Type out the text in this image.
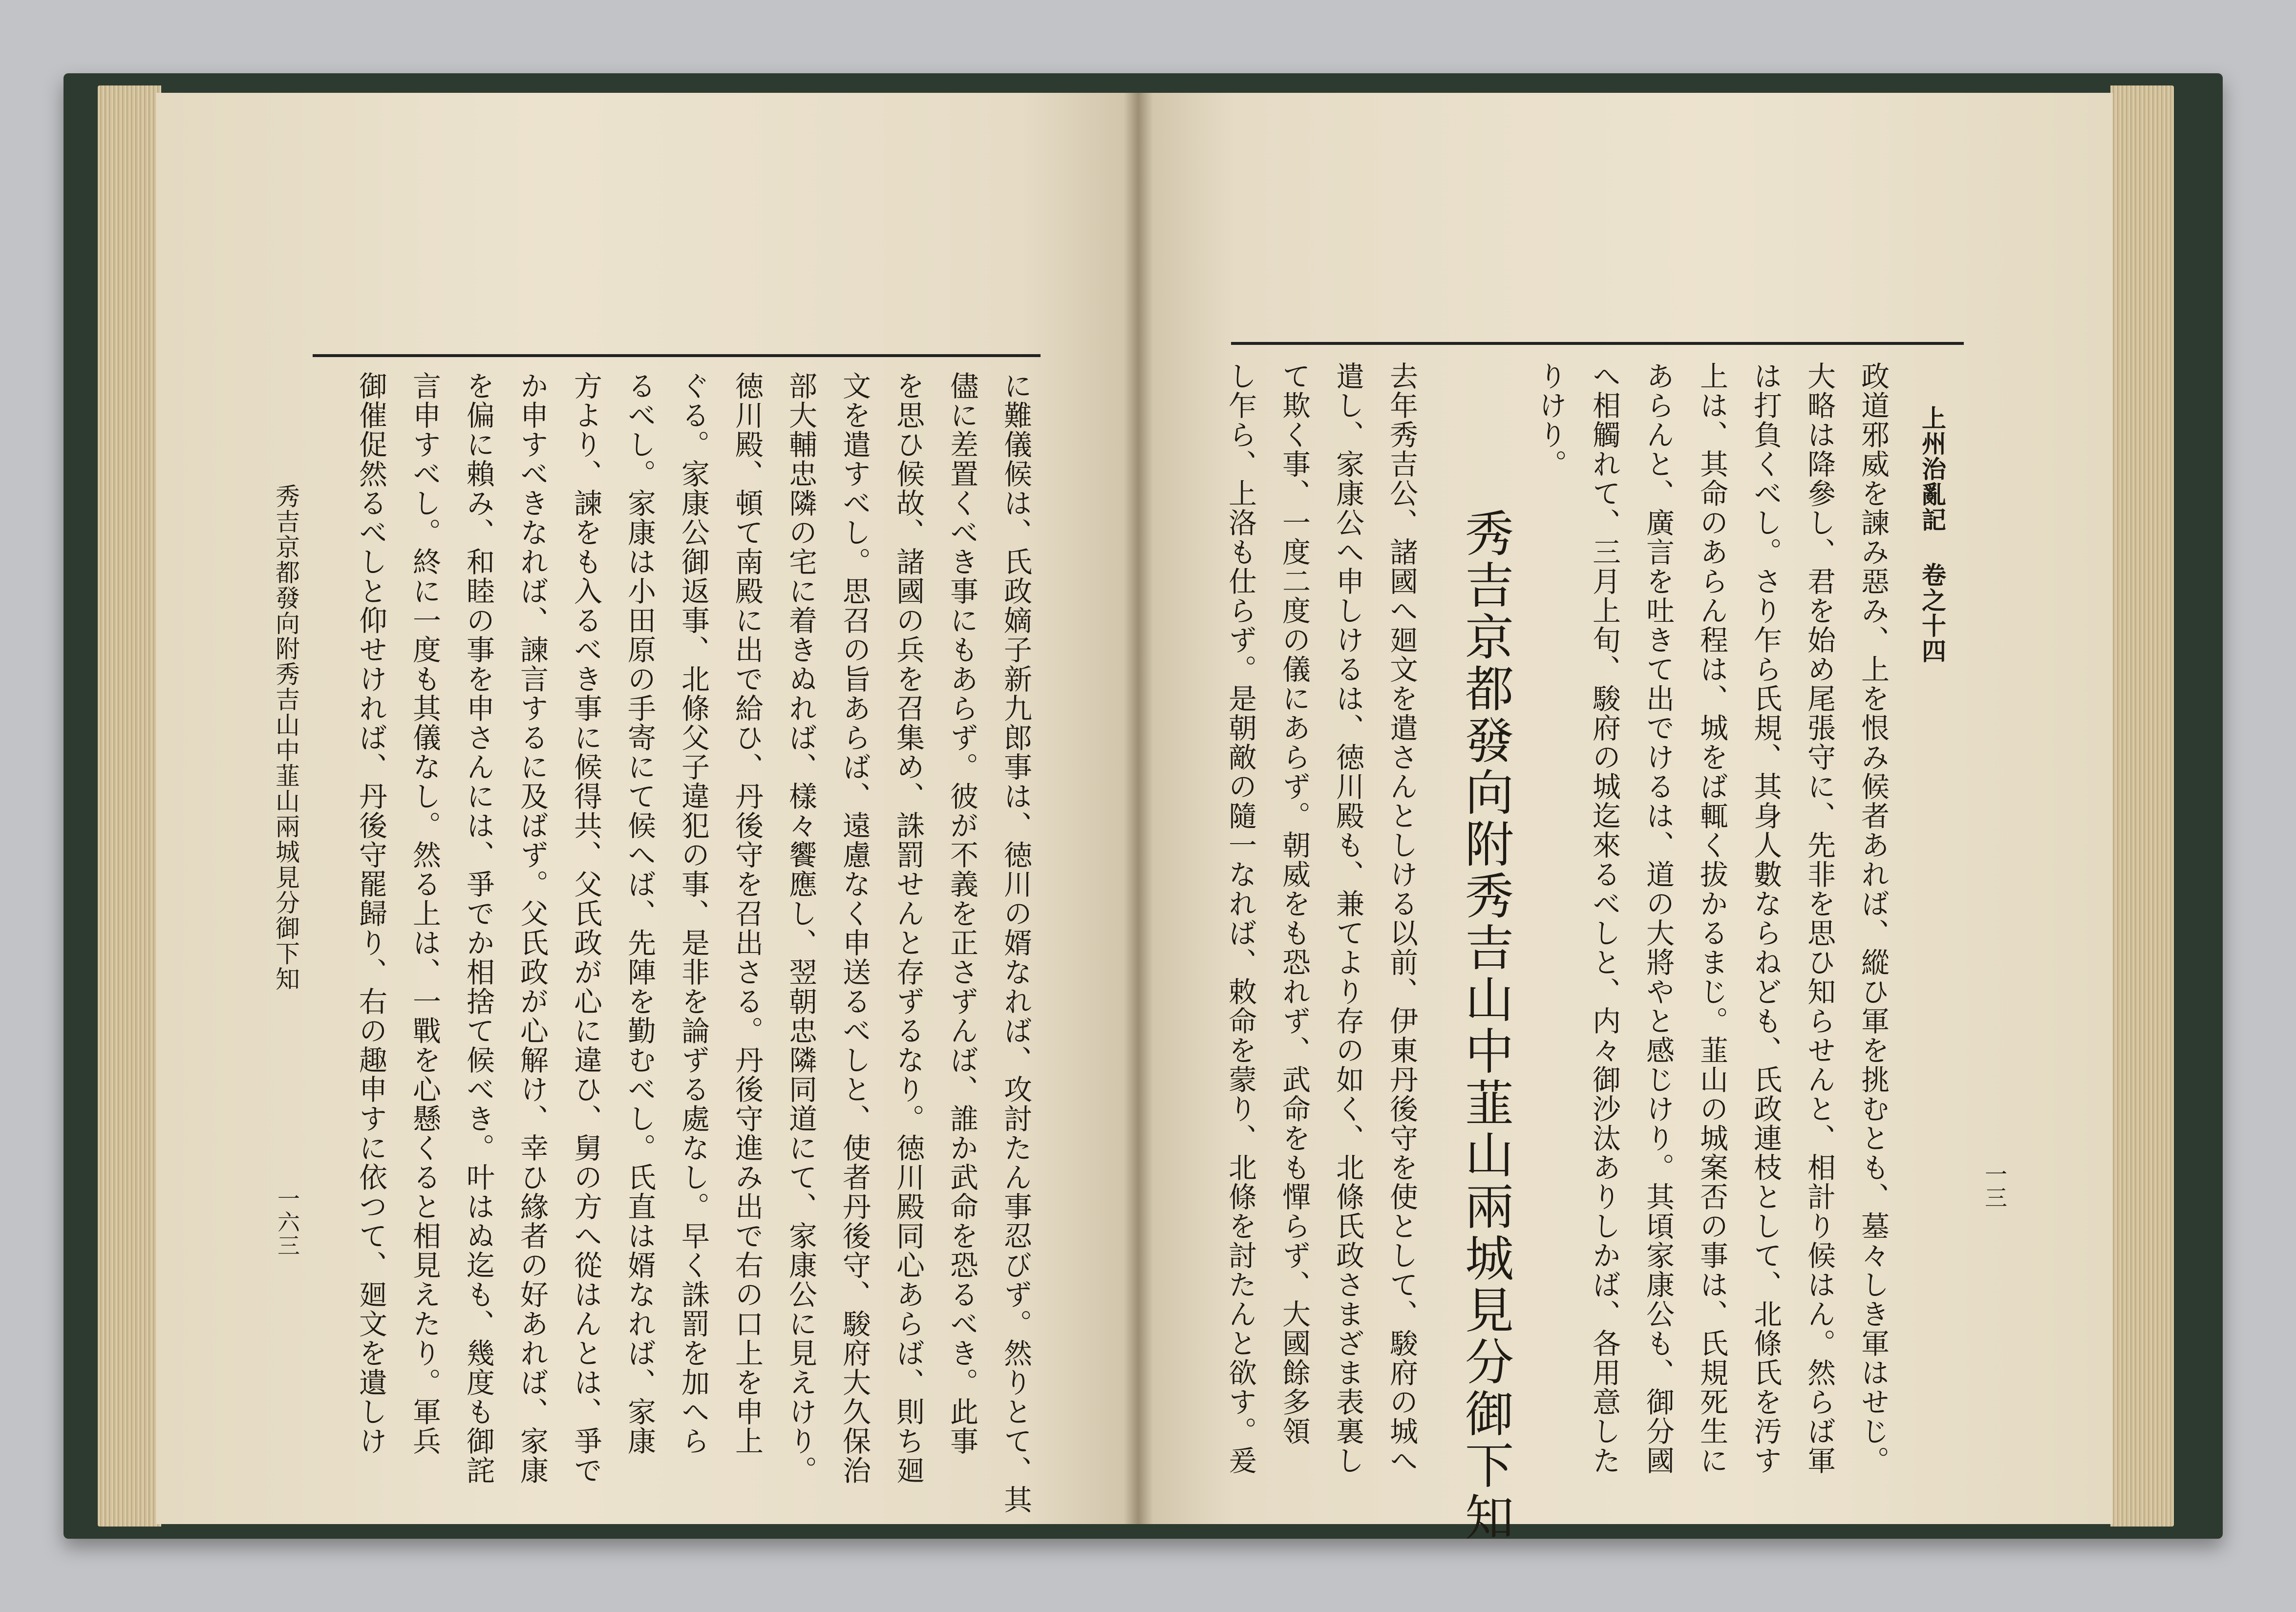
上州治亂記 卷之十四
一三
政道邪威を諫み惡み、上を恨み候者あれば、縱ひ軍を挑むとも、墓々しき軍はせじ。
大略は降參し、君を始め尾張守に、先非を思ひ知らせんと、相計り候はん。然らば軍
は打負くべし。さり乍ら氏規、其身人數ならねども、氏政連枝として、北條氏を汚す
上は、其命のあらん程は、城をば輒く拔かるまじ。韮山の城案否の事は、氏規死生に
あらんと、廣言を吐きて出でけるは、道の大將やと感じけり。其頃家康公も、御分國
へ相觸れて、三月上旬、駿府の城迄來るべしと、内々御沙汰ありしかば、各用意した
りけり。
秀吉京都發向附秀吉山中韮山兩城見分御下知
去年秀吉公、諸國へ廻文を遣さんとしける以前、伊東丹後守を使として、駿府の城へ
遣し、家康公へ申しけるは、徳川殿も、兼てより存の如く、北條氏政さまざま表裏し
て欺く事、一度二度の儀にあらず。朝威をも恐れず、武命をも憚らず、大國餘多領
し乍ら、上洛も仕らず。是朝敵の隨一なれば、敕命を蒙り、北條を討たんと欲す。爰
に難儀候は、氏政嫡子新九郎事は、徳川の婿なれば、攻討たん事忍びず。然りとて、其
儘に差置くべき事にもあらず。彼が不義を正さずんば、誰か武命を恐るべき。此事
を思ひ候故、諸國の兵を召集め、誅罰せんと存ずるなり。徳川殿同心あらば、則ち廻
文を遣すべし。思召の旨あらば、遠慮なく申送るべしと、使者丹後守、駿府大久保治
部大輔忠隣の宅に着きぬれば、樣々饗應し、翌朝忠隣同道にて、家康公に見えけり。
徳川殿、頓て南殿に出で給ひ、丹後守を召出さる。丹後守進み出で右の口上を申上
ぐる。家康公御返事、北條父子違犯の事、是非を論ずる處なし。早く誅罰を加へら
るべし。家康は小田原の手寄にて候へば、先陣を勤むべし。氏直は婿なれば、家康
方より、諫をも入るべき事に候得共、父氏政が心に違ひ、舅の方へ從はんとは、爭で
か申すべきなれば、諫言するに及ばず。父氏政が心解け、幸ひ緣者の好あれば、家康
を偏に賴み、和睦の事を申さんには、爭でか相捨て候べき。叶はぬ迄も、幾度も御詫
言申すべし。終に一度も其儀なし。然る上は、一戰を心懸くると相見えたり。軍兵
御催促然るべしと仰せければ、丹後守罷歸り、右の趣申すに依つて、廻文を遺しけ
秀吉京都發向附秀吉山中韮山兩城見分御下知
一六三
